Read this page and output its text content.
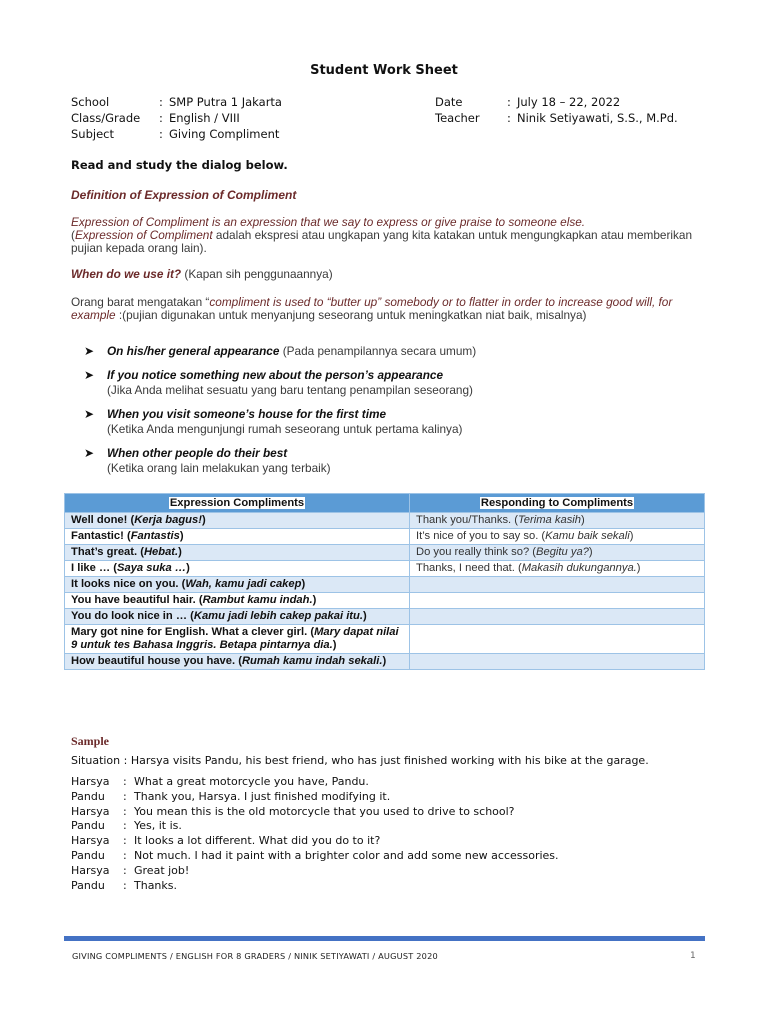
Student Work Sheet
School	: SMP Putra 1 Jakarta
Class/Grade	: English / VIII
Subject	: Giving Compliment
Date	: July 18 – 22, 2022
Teacher	: Ninik Setiyawati, S.S., M.Pd.
Read and study the dialog below.
Definition of Expression of Compliment
Expression of Compliment is an expression that we say to express or give praise to someone else.
(Expression of Compliment adalah ekspresi atau ungkapan yang kita katakan untuk mengungkapkan atau memberikan pujian kepada orang lain).
When do we use it? (Kapan sih penggunaannya)
Orang barat mengatakan “compliment is used to “butter up” somebody or to flatter in order to increase good will, for example :(pujian digunakan untuk menyanjung seseorang untuk meningkatkan niat baik, misalnya)
➤ On his/her general appearance (Pada penampilannya secara umum)
➤ If you notice something new about the person’s appearance
(Jika Anda melihat sesuatu yang baru tentang penampilan seseorang)
➤ When you visit someone’s house for the first time
(Ketika Anda mengunjungi rumah seseorang untuk pertama kalinya)
➤ When other people do their best
(Ketika orang lain melakukan yang terbaik)
Expression Compliments	Responding to Compliments
Well done! (Kerja bagus!)	Thank you/Thanks. (Terima kasih)
Fantastic! (Fantastis)	It’s nice of you to say so. (Kamu baik sekali)
That’s great. (Hebat.)	Do you really think so? (Begitu ya?)
I like … (Saya suka …)	Thanks, I need that. (Makasih dukungannya.)
It looks nice on you. (Wah, kamu jadi cakep)	
You have beautiful hair. (Rambut kamu indah.)	
You do look nice in … (Kamu jadi lebih cakep pakai itu.)	
Mary got nine for English. What a clever girl. (Mary dapat nilai 9 untuk tes Bahasa Inggris. Betapa pintarnya dia.)	
How beautiful house you have. (Rumah kamu indah sekali.)	
Sample
Situation : Harsya visits Pandu, his best friend, who has just finished working with his bike at the garage.
Harsya	: What a great motorcycle you have, Pandu.
Pandu	: Thank you, Harsya. I just finished modifying it.
Harsya	: You mean this is the old motorcycle that you used to drive to school?
Pandu	: Yes, it is.
Harsya	: It looks a lot different. What did you do to it?
Pandu	: Not much. I had it paint with a brighter color and add some new accessories.
Harsya	: Great job!
Pandu	: Thanks.
GIVING COMPLIMENTS / ENGLISH FOR 8 GRADERS / NINIK SETIYAWATI / AUGUST 2020	1
